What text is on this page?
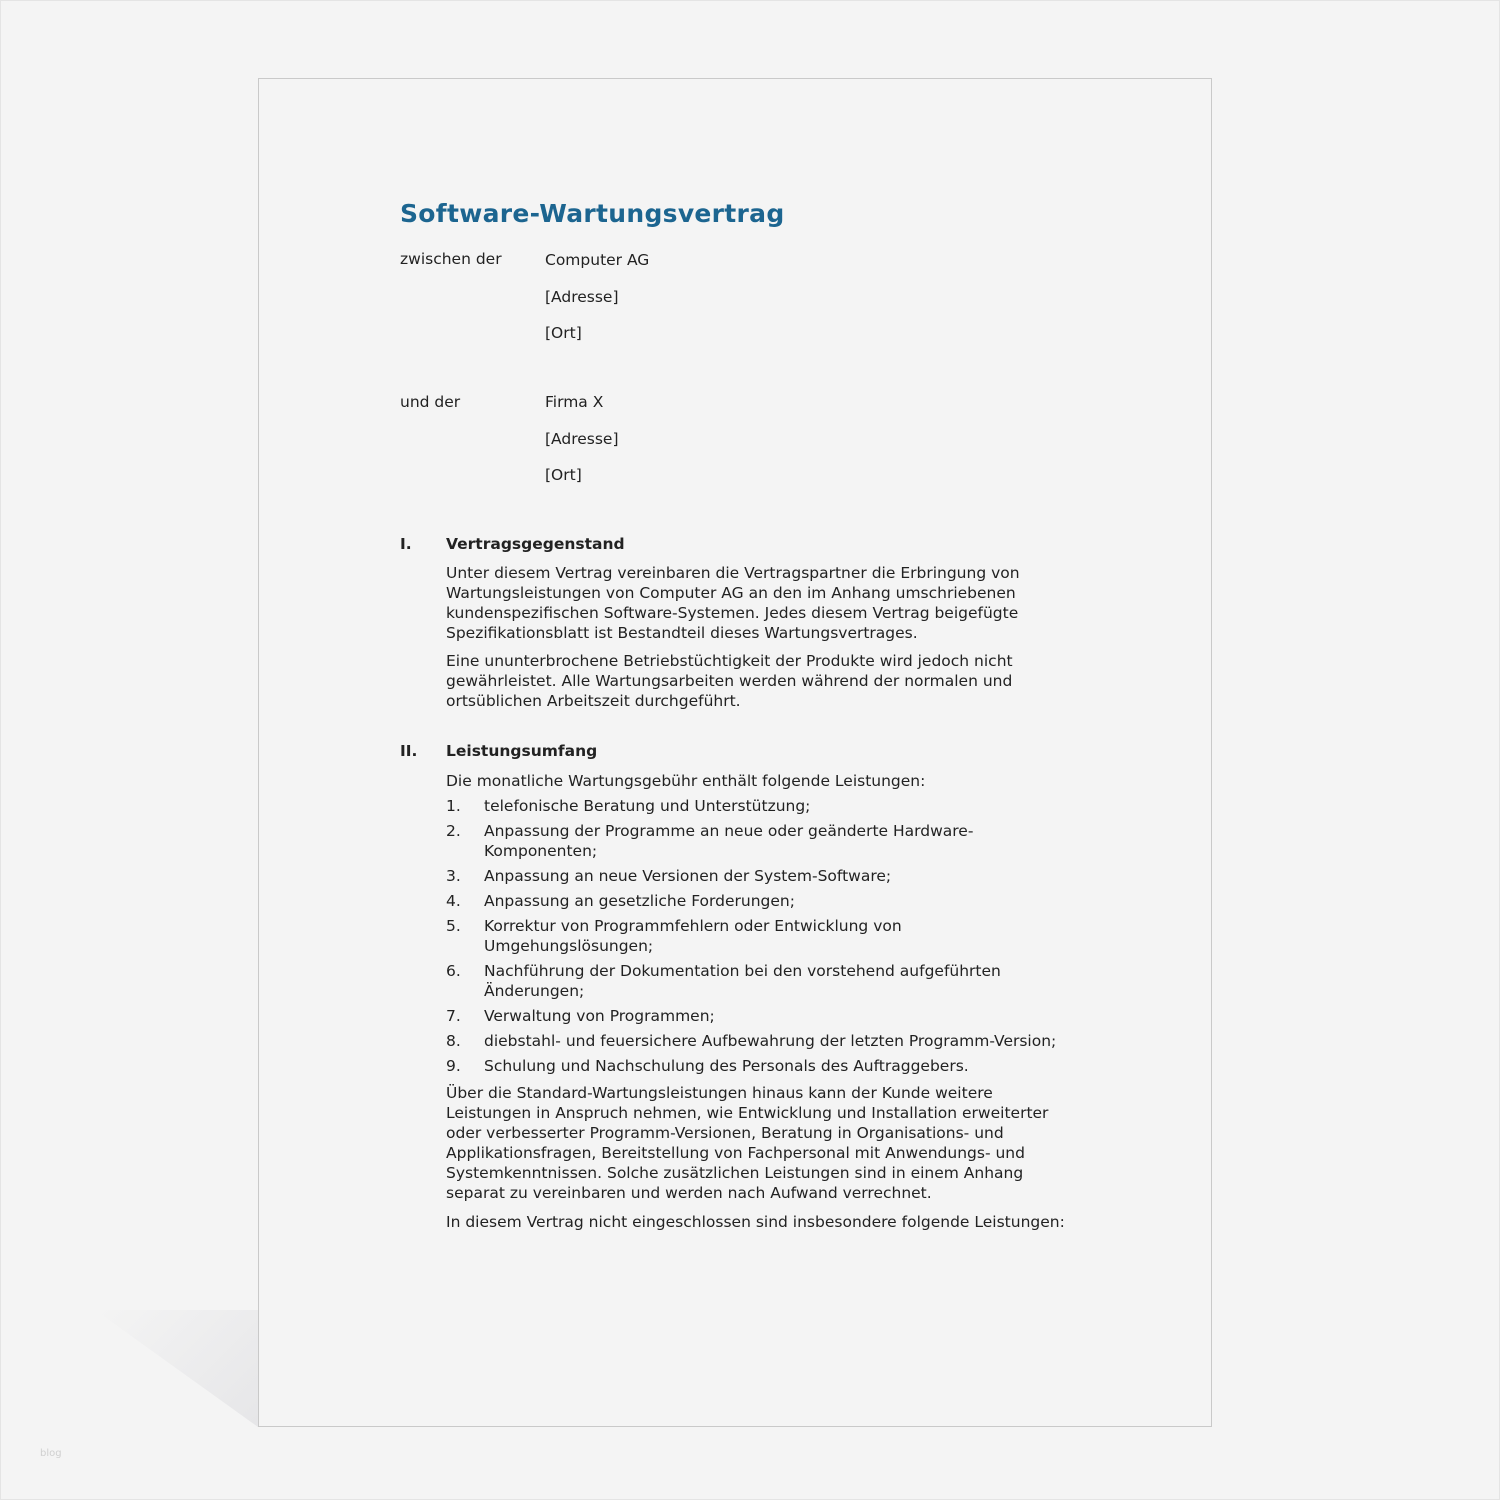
blog
Software-Wartungsvertrag
zwischen der	Computer AG
[Adresse]
[Ort]
und der	Firma X
[Adresse]
[Ort]
I. Vertragsgegenstand
Unter diesem Vertrag vereinbaren die Vertragspartner die Erbringung von
Wartungsleistungen von Computer AG an den im Anhang umschriebenen
kundenspezifischen Software-Systemen. Jedes diesem Vertrag beigefügte
Spezifikationsblatt ist Bestandteil dieses Wartungsvertrages.
Eine ununterbrochene Betriebstüchtigkeit der Produkte wird jedoch nicht
gewährleistet. Alle Wartungsarbeiten werden während der normalen und
ortsüblichen Arbeitszeit durchgeführt.
II. Leistungsumfang
Die monatliche Wartungsgebühr enthält folgende Leistungen:
1. telefonische Beratung und Unterstützung;
2. Anpassung der Programme an neue oder geänderte Hardware-
Komponenten;
3. Anpassung an neue Versionen der System-Software;
4. Anpassung an gesetzliche Forderungen;
5. Korrektur von Programmfehlern oder Entwicklung von
Umgehungslösungen;
6. Nachführung der Dokumentation bei den vorstehend aufgeführten
Änderungen;
7. Verwaltung von Programmen;
8. diebstahl- und feuersichere Aufbewahrung der letzten Programm-Version;
9. Schulung und Nachschulung des Personals des Auftraggebers.
Über die Standard-Wartungsleistungen hinaus kann der Kunde weitere
Leistungen in Anspruch nehmen, wie Entwicklung und Installation erweiterter
oder verbesserter Programm-Versionen, Beratung in Organisations- und
Applikationsfragen, Bereitstellung von Fachpersonal mit Anwendungs- und
Systemkenntnissen. Solche zusätzlichen Leistungen sind in einem Anhang
separat zu vereinbaren und werden nach Aufwand verrechnet.
In diesem Vertrag nicht eingeschlossen sind insbesondere folgende Leistungen:
